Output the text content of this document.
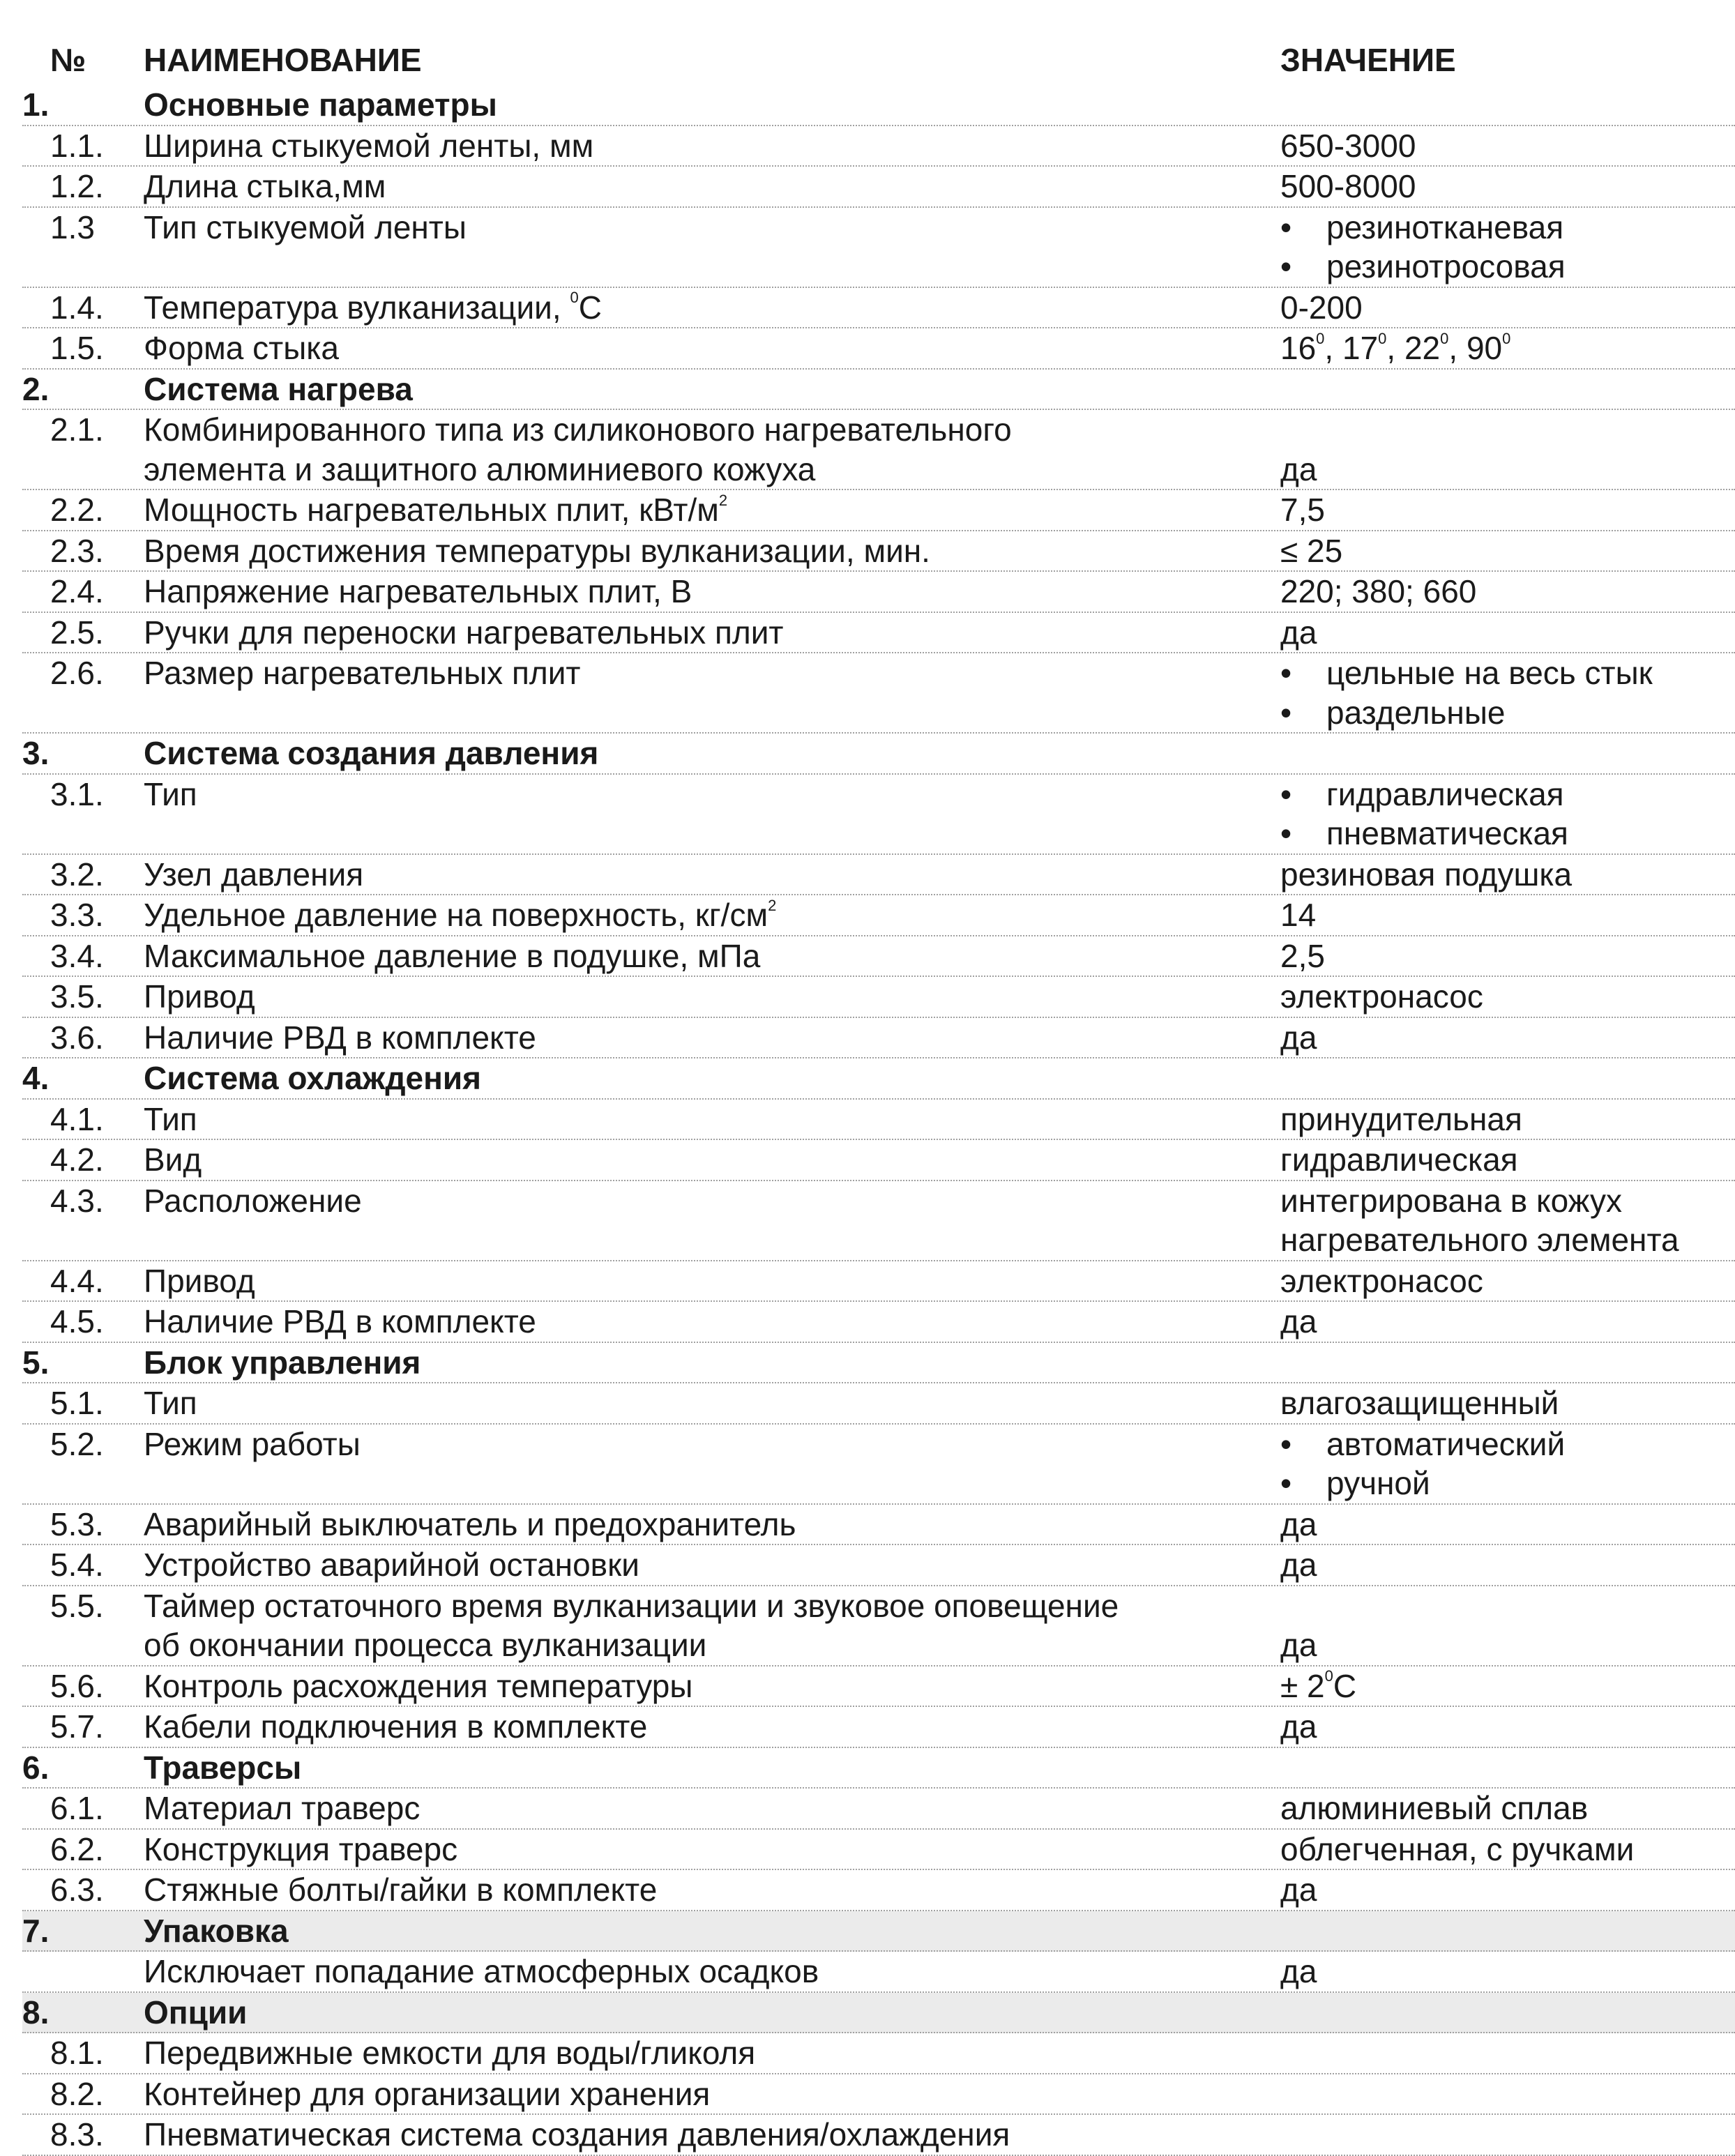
№	НАИМЕНОВАНИЕ	ЗНАЧЕНИЕ
1.	Основные параметры
1.1.	Ширина стыкуемой ленты, мм	650-3000
1.2.	Длина стыка,мм	500-8000
1.3	Тип стыкуемой ленты	•	резинотканевая
•	резинотросовая
1.4.	Температура вулканизации, $^0$С	0-200
1.5.	Форма стыка	$16^0$, $17^0$, $22^0$, $90^0$
2.	Система нагрева
2.1.	Комбинированного типа из силиконового нагревательного
элемента и защитного алюминиевого кожуха	да
2.2.	Мощность нагревательных плит, кВт/$м^2$	7,5
2.3.	Время достижения температуры вулканизации, мин.	≤ 25
2.4.	Напряжение нагревательных плит, В	220; 380; 660
2.5.	Ручки для переноски нагревательных плит	да
2.6.	Размер нагревательных плит	•	цельные на весь стык
•	раздельные
3.	Система создания давления
3.1.	Тип	•	гидравлическая
•	пневматическая
3.2.	Узел давления	резиновая подушка
3.3.	Удельное давление на поверхность, $кг/см^2$	14
3.4.	Максимальное давление в подушке, мПа	2,5
3.5.	Привод	электронасос
3.6.	Наличие РВД в комплекте	да
4.	Система охлаждения
4.1.	Тип	принудительная
4.2.	Вид	гидравлическая
4.3.	Расположение	интегрирована в кожух
нагревательного элемента
4.4.	Привод	электронасос
4.5.	Наличие РВД в комплекте	да
5.	Блок управления
5.1.	Тип	влагозащищенный
5.2.	Режим работы	•	автоматический
•	ручной
5.3.	Аварийный выключатель и предохранитель	да
5.4.	Устройство аварийной остановки	да
5.5.	Таймер остаточного время вулканизации и звуковое оповещение
об окончании процесса вулканизации	да
5.6.	Контроль расхождения температуры	± $2^0С$
5.7.	Кабели подключения в комплекте	да
6.	Траверсы
6.1.	Материал траверс	алюминиевый сплав
6.2.	Конструкция траверс	облегченная, с ручками
6.3.	Стяжные болты/гайки в комплекте	да
7.	Упаковка
Исключает попадание атмосферных осадков	да
8.	Опции
8.1.	Передвижные емкости для воды/гликоля
8.2.	Контейнер для организации хранения
8.3.	Пневматическая система создания давления/охлаждения
